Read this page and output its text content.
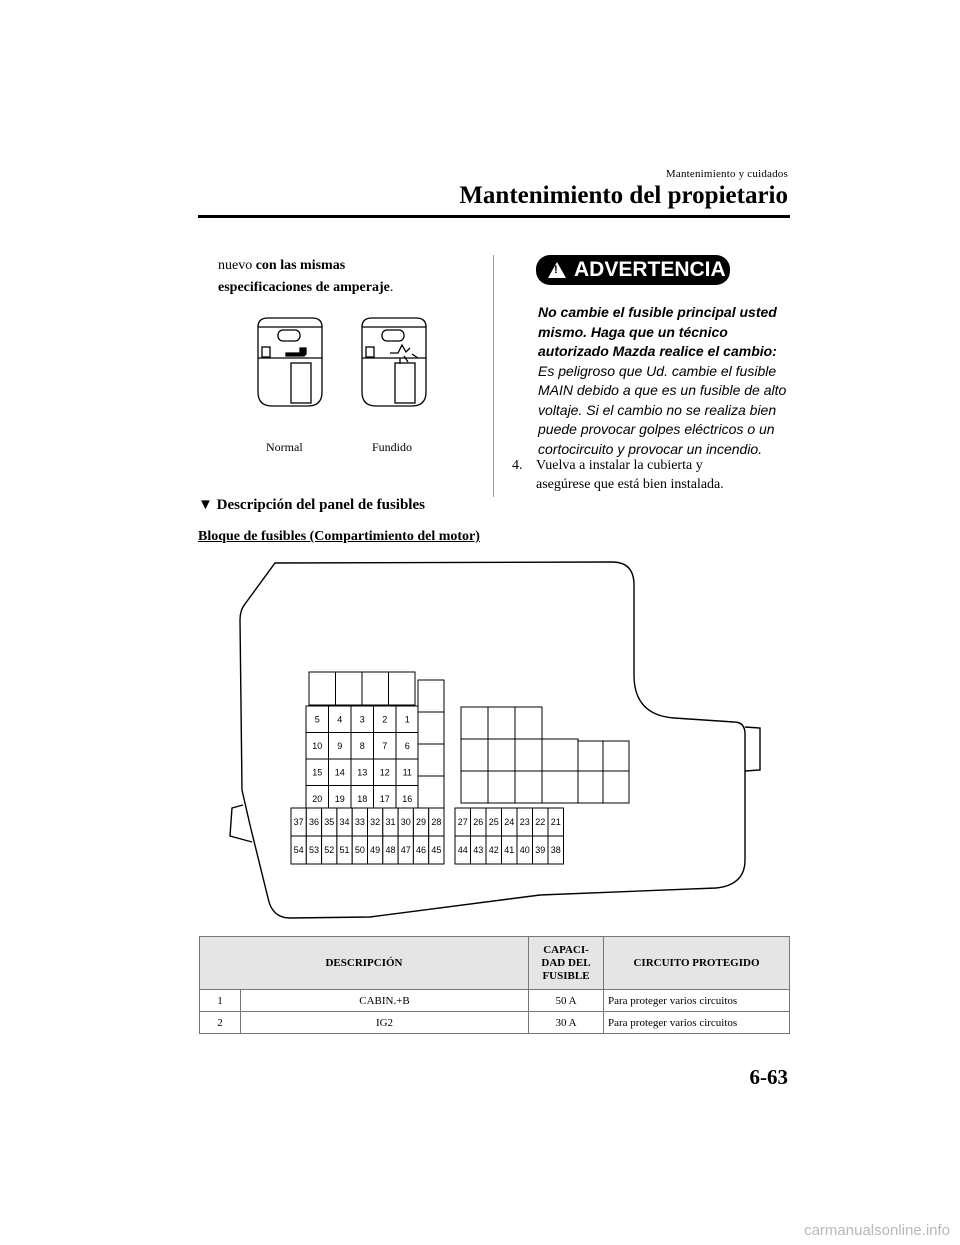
Mantenimiento y cuidados
Mantenimiento del propietario
nuevo con las mismas
especificaciones de amperaje.
Normal	Fundido
! ADVERTENCIA
No cambie el fusible principal usted
mismo. Haga que un técnico
autorizado Mazda realice el cambio:
Es peligroso que Ud. cambie el fusible
MAIN debido a que es un fusible de alto
voltaje. Si el cambio no se realiza bien
puede provocar golpes eléctricos o un
cortocircuito y provocar un incendio.
4. Vuelva a instalar la cubierta y
asegúrese que está bien instalada.
▼ Descripción del panel de fusibles
Bloque de fusibles (Compartimiento del motor)
5 4 3 2 1
10 9 8 7 6
15 14 13 12 11
20 19 18 17 16
37 36 35 34 33 32 31 30 29 28
54 53 52 51 50 49 48 47 46 45
27 26 25 24 23 22 21
44 43 42 41 40 39 38
DESCRIPCIÓN		CAPACI-
DAD DEL
FUSIBLE	CIRCUITO PROTEGIDO
1	CABIN.+B	50 A	Para proteger varios circuitos
2	IG2	30 A	Para proteger varios circuitos
6-63
carmanualsonline.info
